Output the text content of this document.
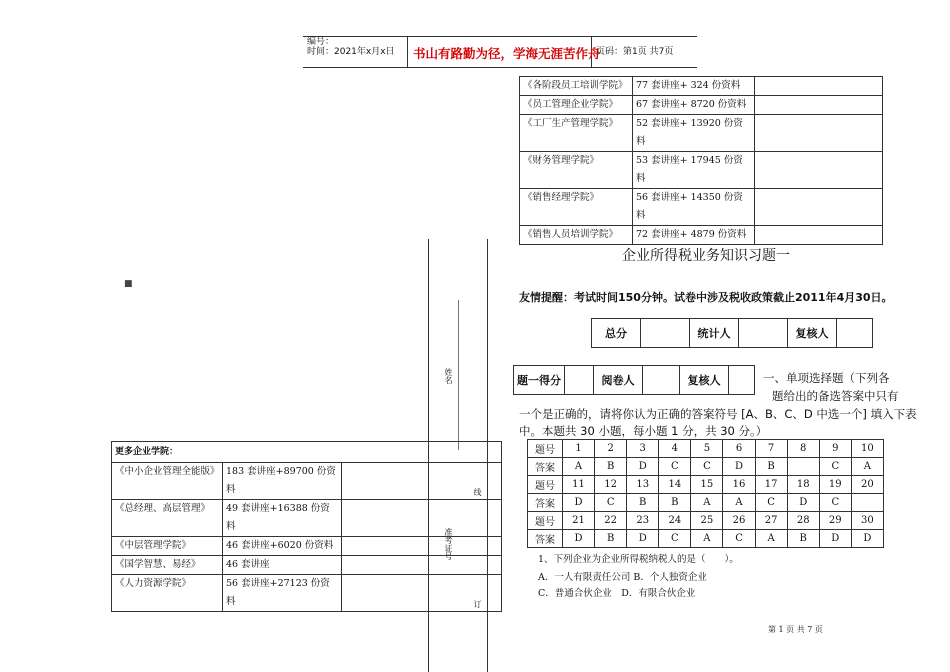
编号：
时间：2021年x月x日 书山有路勤为径，学海无涯苦作舟
页码：第1页 共7页
《各阶段员工培训学院》	77 套讲座+ 324 份资料	
《员工管理企业学院》	67 套讲座+ 8720 份资料	
《工厂生产管理学院》	52 套讲座+ 13920 份资料	
《财务管理学院》	53 套讲座+ 17945 份资料	
《销售经理学院》	56 套讲座+ 14350 份资料	
《销售人员培训学院》	72 套讲座+ 4879 份资料	
■
姓名
准考证号
线
订
更多企业学院：
《中小企业管理全能版》	183 套讲座+89700 份资料	
《总经理、高层管理》	49 套讲座+16388 份资料	
《中层管理学院》	46 套讲座+6020 份资料	
《国学智慧、易经》	46 套讲座	
《人力资源学院》	56 套讲座+27123 份资料	
企业所得税业务知识习题一
友情提醒：考试时间150分钟。试卷中涉及税收政策截止2011年4月30日。
总分		统计人		复核人	
题一得分		阅卷人		复核人		一、单项选择题（下列各
题给出的备选答案中只有
一个是正确的，请将你认为正确的答案符号 [A、B、C、D 中选一个] 填入下表
中。本题共 30 小题，每小题 1 分，共 30 分。）
题号	1	2	3	4	5	6	7	8	9	10
答案	A	B	D	C	C	D	B		C	A
题号	11	12	13	14	15	16	17	18	19	20
答案	D	C	B	B	A	A	C	D	C	
题号	21	22	23	24	25	26	27	28	29	30
答案	D	B	D	C	A	C	A	B	D	D
1、下列企业为企业所得税纳税人的是（　　）。
A．一人有限责任公司 B．个人独资企业
C．普通合伙企业　D．有限合伙企业
第 1 页 共 7 页
